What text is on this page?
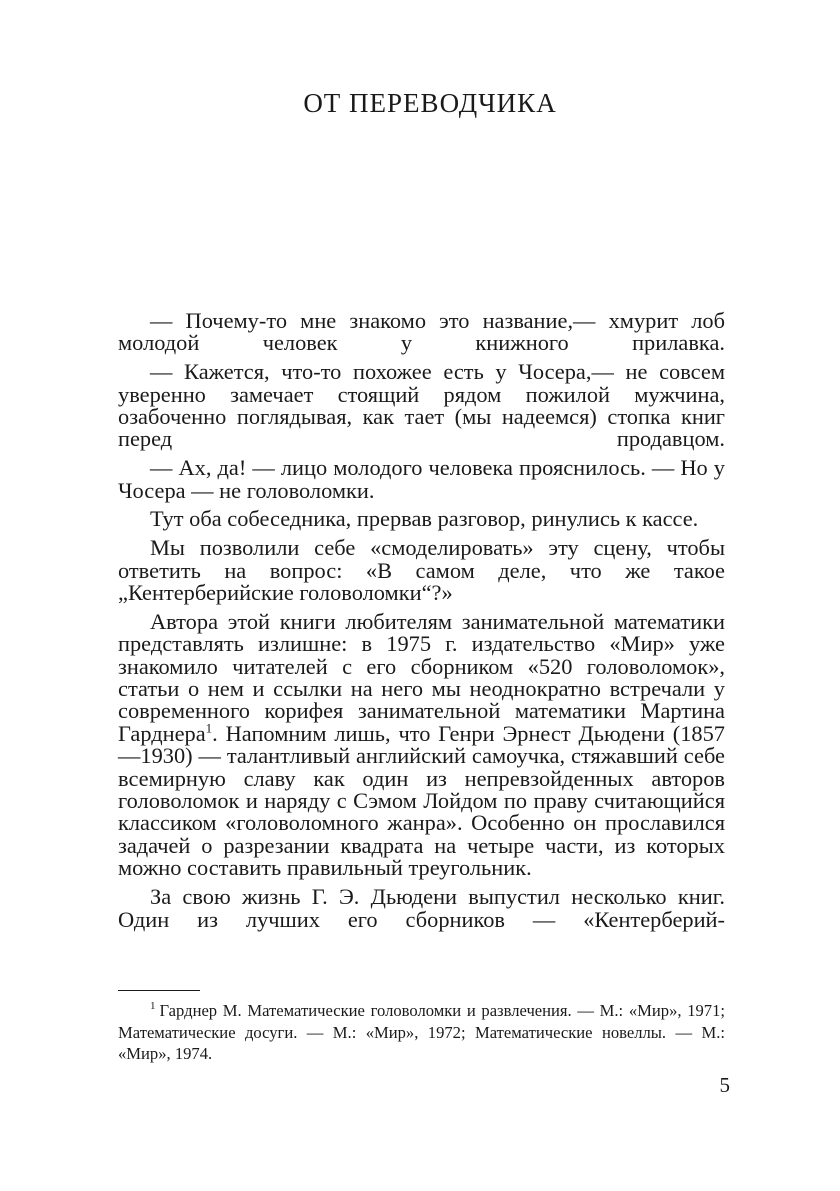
ОТ ПЕРЕВОДЧИКА

— Почему-то мне знакомо это название,— хмурит лоб молодой человек у книжного прилавка.

— Кажется, что-то похожее есть у Чосера,— не совсем уверенно замечает стоящий рядом пожилой мужчина, озабоченно поглядывая, как тает (мы надеемся) стопка книг перед продавцом.

— Ах, да! — лицо молодого человека прояснилось. — Но у Чосера — не головоломки.

Тут оба собеседника, прервав разговор, ринулись к кассе.

Мы позволили себе «смоделировать» эту сцену, чтобы ответить на вопрос: «В самом деле, что же такое „Кентерберийские головоломки“?»

Автора этой книги любителям занимательной математики представлять излишне: в 1975 г. издательство «Мир» уже знакомило читателей с его сборником «520 головоломок», статьи о нем и ссылки на него мы неоднократно встречали у современного корифея занимательной математики Мартина Гарднера$^1$. Напомним лишь, что Генри Эрнест Дьюдени (1857—1930) — талантливый английский самоучка, стяжавший себе всемирную славу как один из непревзойденных авторов головоломок и наряду с Сэмом Лойдом по праву считающийся классиком «головоломного жанра». Особенно он прославился задачей о разрезании квадрата на четыре части, из которых можно составить правильный треугольник.

За свою жизнь Г. Э. Дьюдени выпустил несколько книг. Один из лучших его сборников — «Кентерберий-

$^1$ Гарднер М. Математические головоломки и развлечения. — М.: «Мир», 1971; Математические досуги. — М.: «Мир», 1972; Математические новеллы. — М.: «Мир», 1974.

5
